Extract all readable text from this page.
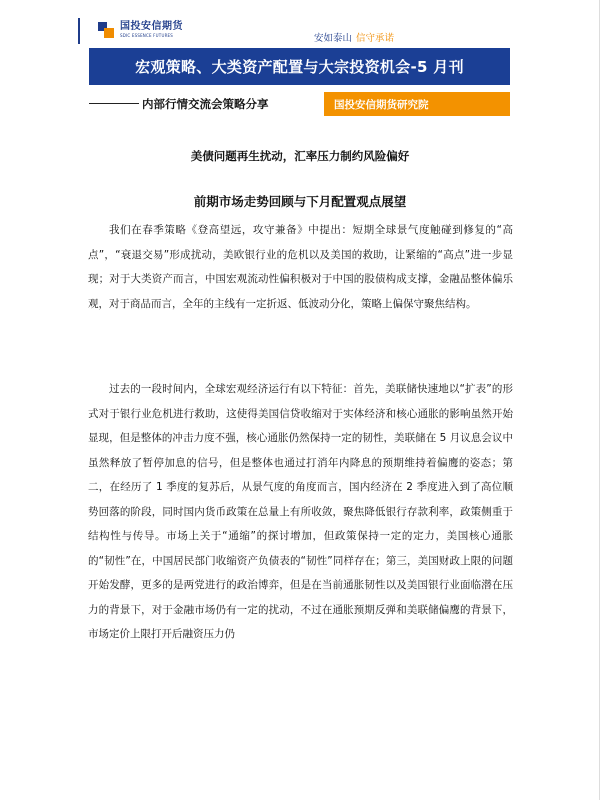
国投安信期货
SDIC ESSENCE FUTURES	安如泰山 信守承诺
宏观策略、大类资产配置与大宗投资机会-5 月刊
内部行情交流会策略分享	国投安信期货研究院
美债问题再生扰动，汇率压力制约风险偏好
前期市场走势回顾与下月配置观点展望

我们在春季策略《登高望远，攻守兼备》中提出：短期全球景气度触碰到修复的“高点”，“衰退交易”形成扰动，美欧银行业的危机以及美国的救助，让紧缩的“高点”进一步显现；对于大类资产而言，中国宏观流动性偏积极对于中国的股债构成支撑，金融品整体偏乐观，对于商品而言，全年的主线有一定折返、低波动分化，策略上偏保守聚焦结构。

过去的一段时间内，全球宏观经济运行有以下特征：首先，美联储快速地以“扩表”的形式对于银行业危机进行救助，这使得美国信贷收缩对于实体经济和核心通胀的影响虽然开始显现，但是整体的冲击力度不强，核心通胀仍然保持一定的韧性，美联储在 5 月议息会议中虽然释放了暂停加息的信号，但是整体也通过打消年内降息的预期维持着偏鹰的姿态；第二，在经历了 1 季度的复苏后，从景气度的角度而言，国内经济在 2 季度进入到了高位顺势回落的阶段，同时国内货币政策在总量上有所收敛，聚焦降低银行存款利率，政策侧重于结构性与传导。市场上关于“通缩”的探讨增加，但政策保持一定的定力，美国核心通胀的“韧性”在，中国居民部门收缩资产负债表的“韧性”同样存在；第三，美国财政上限的问题开始发酵，更多的是两党进行的政治博弈，但是在当前通胀韧性以及美国银行业面临潜在压力的背景下，对于金融市场仍有一定的扰动，不过在通胀预期反弹和美联储偏鹰的背景下，市场定价上限打开后融资压力仍
